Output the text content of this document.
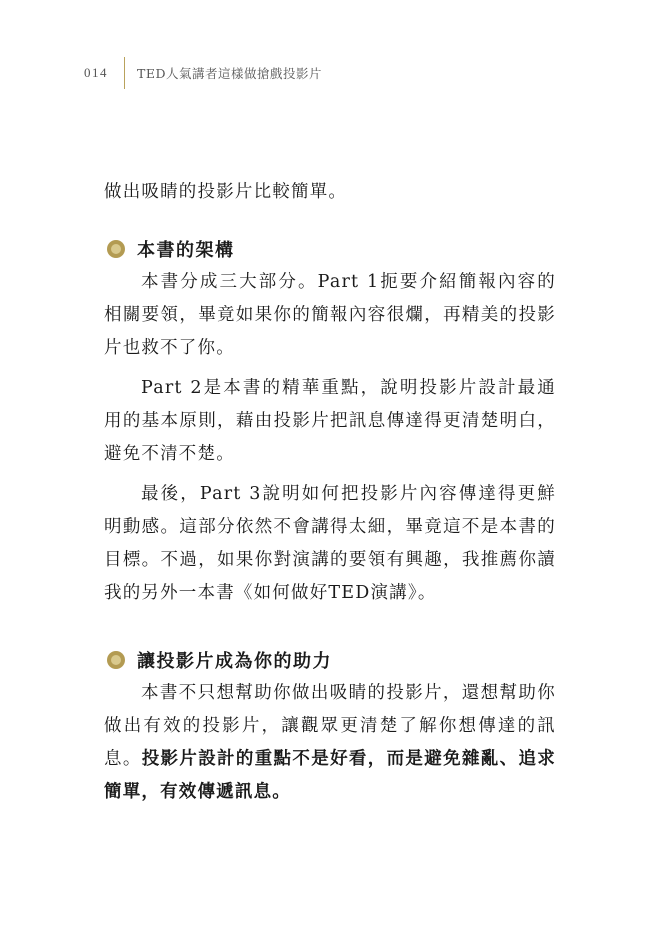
014	TED人氣講者這樣做搶戲投影片

做出吸睛的投影片比較簡單。

本書的架構

本書分成三大部分。Part 1扼要介紹簡報內容的相關要領，畢竟如果你的簡報內容很爛，再精美的投影片也救不了你。

Part 2是本書的精華重點，說明投影片設計最通用的基本原則，藉由投影片把訊息傳達得更清楚明白，避免不清不楚。

最後，Part 3說明如何把投影片內容傳達得更鮮明動感。這部分依然不會講得太細，畢竟這不是本書的目標。不過，如果你對演講的要領有興趣，我推薦你讀我的另外一本書《如何做好TED演講》。

讓投影片成為你的助力

本書不只想幫助你做出吸睛的投影片，還想幫助你做出有效的投影片，讓觀眾更清楚了解你想傳達的訊息。投影片設計的重點不是好看，而是避免雜亂、追求簡單，有效傳遞訊息。
